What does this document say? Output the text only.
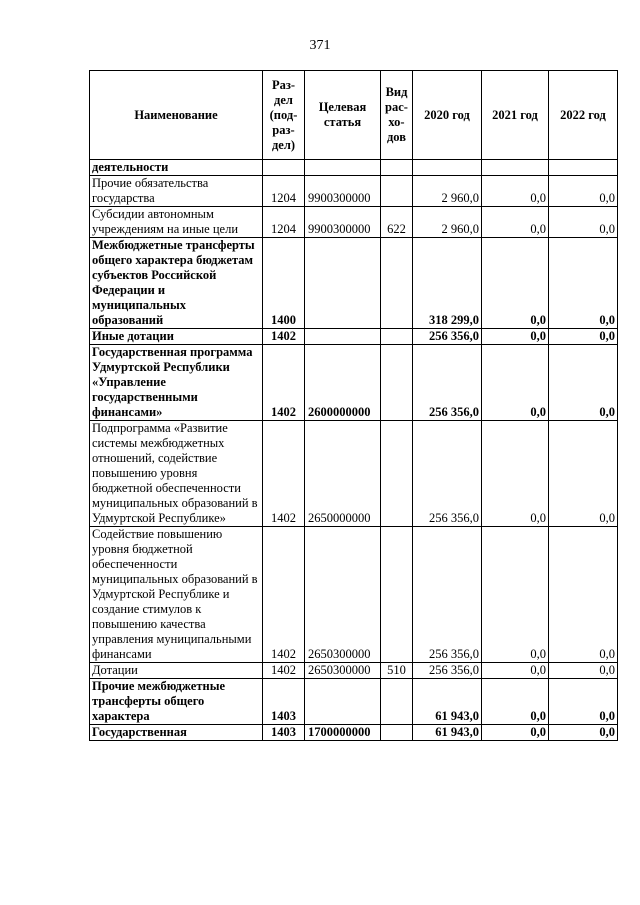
371
Наименование	Раз-дел (под-раз-дел)	Целевая статья	Вид рас-хо-дов	2020 год	2021 год	2022 год
деятельности						
Прочие обязательства государства	1204	9900300000		2 960,0	0,0	0,0
Субсидии автономным учреждениям на иные цели	1204	9900300000	622	2 960,0	0,0	0,0
Межбюджетные трансферты общего характера бюджетам субъектов Российской Федерации и муниципальных образований	1400			318 299,0	0,0	0,0
Иные дотации	1402			256 356,0	0,0	0,0
Государственная программа Удмуртской Республики «Управление государственными финансами»	1402	2600000000		256 356,0	0,0	0,0
Подпрограмма «Развитие системы межбюджетных отношений, содействие повышению уровня бюджетной обеспеченности муниципальных образований в Удмуртской Республике»	1402	2650000000		256 356,0	0,0	0,0
Содействие повышению уровня бюджетной обеспеченности муниципальных образований в Удмуртской Республике и создание стимулов к повышению качества управления муниципальными финансами	1402	2650300000		256 356,0	0,0	0,0
Дотации	1402	2650300000	510	256 356,0	0,0	0,0
Прочие межбюджетные трансферты общего характера	1403			61 943,0	0,0	0,0
Государственная	1403	1700000000		61 943,0	0,0	0,0
